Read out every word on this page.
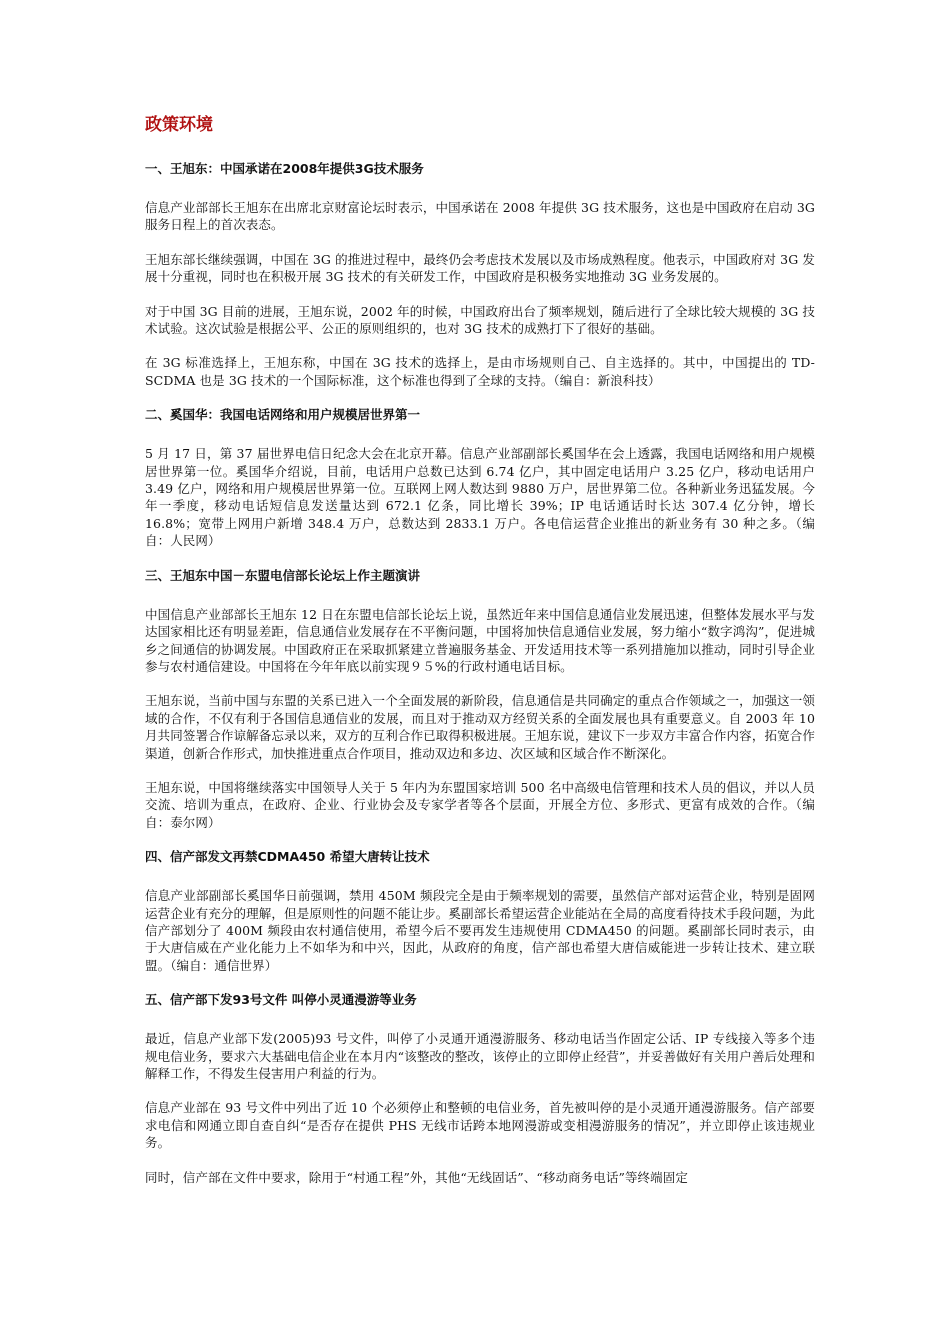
政策环境
一、王旭东：中国承诺在2008年提供3G技术服务

信息产业部部长王旭东在出席北京财富论坛时表示，中国承诺在 2008 年提供 3G 技术服务，这也是中国政府在启动 3G 服务日程上的首次表态。

王旭东部长继续强调，中国在 3G 的推进过程中，最终仍会考虑技术发展以及市场成熟程度。他表示，中国政府对 3G 发展十分重视，同时也在积极开展 3G 技术的有关研发工作，中国政府是积极务实地推动 3G 业务发展的。

对于中国 3G 目前的进展，王旭东说，2002 年的时候，中国政府出台了频率规划，随后进行了全球比较大规模的 3G 技术试验。这次试验是根据公平、公正的原则组织的，也对 3G 技术的成熟打下了很好的基础。

在 3G 标准选择上，王旭东称，中国在 3G 技术的选择上，是由市场规则自己、自主选择的。其中，中国提出的 TD-SCDMA 也是 3G 技术的一个国际标准，这个标准也得到了全球的支持。（编自：新浪科技）

二、奚国华：我国电话网络和用户规模居世界第一

5 月 17 日，第 37 届世界电信日纪念大会在北京开幕。信息产业部副部长奚国华在会上透露，我国电话网络和用户规模居世界第一位。奚国华介绍说，目前，电话用户总数已达到 6.74 亿户，其中固定电话用户 3.25 亿户，移动电话用户 3.49 亿户，网络和用户规模居世界第一位。互联网上网人数达到 9880 万户，居世界第二位。各种新业务迅猛发展。今年一季度，移动电话短信息发送量达到 672.1 亿条，同比增长 39%；IP 电话通话时长达 307.4 亿分钟，增长 16.8%；宽带上网用户新增 348.4 万户，总数达到 2833.1 万户。各电信运营企业推出的新业务有 30 种之多。（编自：人民网）

三、王旭东中国－东盟电信部长论坛上作主题演讲

中国信息产业部部长王旭东 12 日在东盟电信部长论坛上说，虽然近年来中国信息通信业发展迅速，但整体发展水平与发达国家相比还有明显差距，信息通信业发展存在不平衡问题，中国将加快信息通信业发展，努力缩小“数字鸿沟”，促进城乡之间通信的协调发展。中国政府正在采取抓紧建立普遍服务基金、开发适用技术等一系列措施加以推动，同时引导企业参与农村通信建设。中国将在今年年底以前实现９５%的行政村通电话目标。

王旭东说，当前中国与东盟的关系已进入一个全面发展的新阶段，信息通信是共同确定的重点合作领域之一，加强这一领域的合作，不仅有利于各国信息通信业的发展，而且对于推动双方经贸关系的全面发展也具有重要意义。自 2003 年 10 月共同签署合作谅解备忘录以来，双方的互利合作已取得积极进展。王旭东说，建议下一步双方丰富合作内容，拓宽合作渠道，创新合作形式，加快推进重点合作项目，推动双边和多边、次区域和区域合作不断深化。

王旭东说，中国将继续落实中国领导人关于 5 年内为东盟国家培训 500 名中高级电信管理和技术人员的倡议，并以人员交流、培训为重点，在政府、企业、行业协会及专家学者等各个层面，开展全方位、多形式、更富有成效的合作。（编自：泰尔网）

四、信产部发文再禁CDMA450 希望大唐转让技术

信息产业部副部长奚国华日前强调，禁用 450M 频段完全是由于频率规划的需要，虽然信产部对运营企业，特别是固网运营企业有充分的理解，但是原则性的问题不能让步。奚副部长希望运营企业能站在全局的高度看待技术手段问题，为此信产部划分了 400M 频段由农村通信使用，希望今后不要再发生违规使用 CDMA450 的问题。奚副部长同时表示，由于大唐信威在产业化能力上不如华为和中兴，因此，从政府的角度，信产部也希望大唐信威能进一步转让技术、建立联盟。（编自：通信世界）

五、信产部下发93号文件 叫停小灵通漫游等业务

最近，信息产业部下发(2005)93 号文件，叫停了小灵通开通漫游服务、移动电话当作固定公话、IP 专线接入等多个违规电信业务，要求六大基础电信企业在本月内“该整改的整改，该停止的立即停止经营”，并妥善做好有关用户善后处理和解释工作，不得发生侵害用户利益的行为。

信息产业部在 93 号文件中列出了近 10 个必须停止和整顿的电信业务，首先被叫停的是小灵通开通漫游服务。信产部要求电信和网通立即自查自纠“是否存在提供 PHS 无线市话跨本地网漫游或变相漫游服务的情况”，并立即停止该违规业务。

同时，信产部在文件中要求，除用于“村通工程”外，其他“无线固话”、“移动商务电话”等终端固定
